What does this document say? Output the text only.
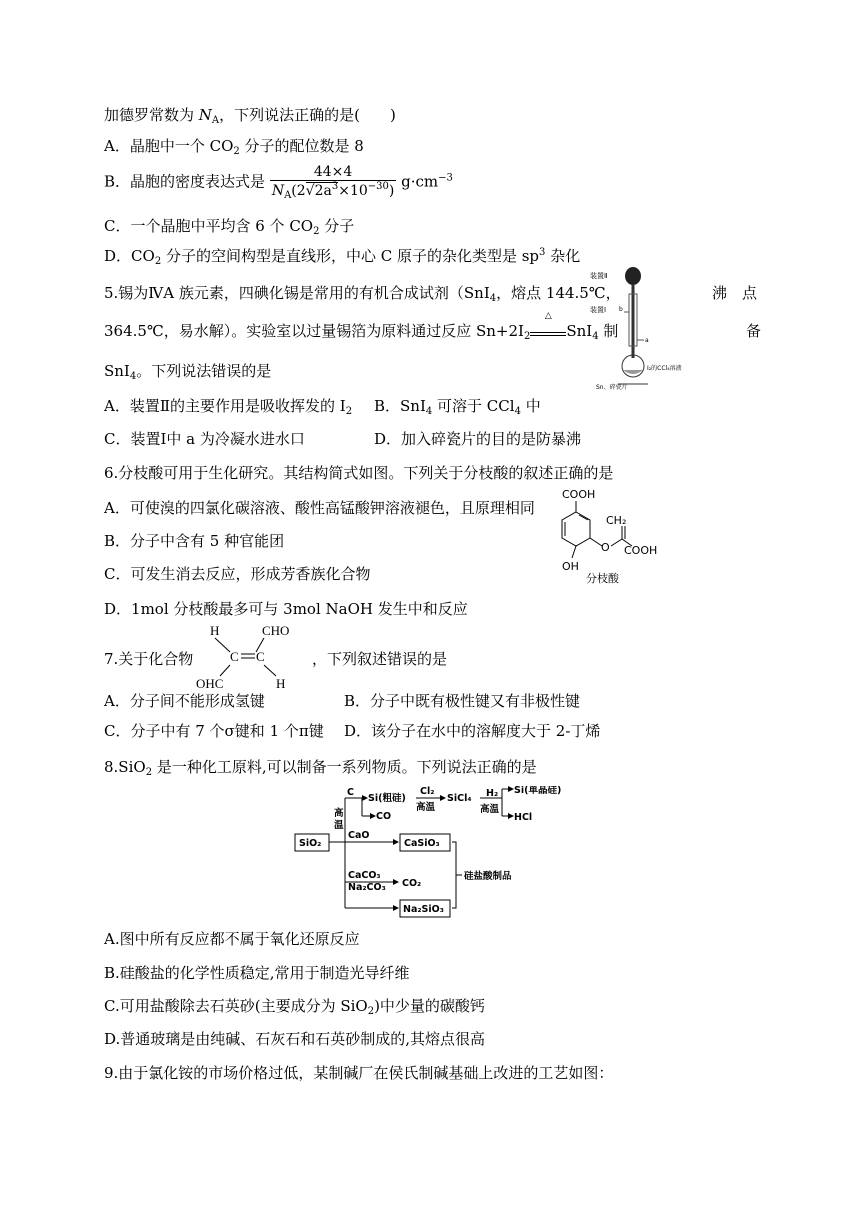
加德罗常数为 $N_A$，下列说法正确的是(　　)
A．晶胞中一个 $CO_2$ 分子的配位数是 8
B．晶胞的密度表达式是 $\frac{44\times 4}{N_A(2√2a^3\times 10^{-30})} g\cdot cm^{-3}$
C．一个晶胞中平均含 6 个 $CO_2$ 分子
D．$CO_2$ 分子的空间构型是直线形，中心 C 原子的杂化类型是 $sp^3$ 杂化
5.锡为ⅣA 族元素，四碘化锡是常用的有机合成试剂（SnI$_4$，熔点 144.5℃，	沸　点
364.5℃，易水解）。实验室以过量锡箔为原料通过反应 $Sn+2I_2$
△
SnI$_4$ 制	备
SnI$_4$。下列说法错误的是
A．装置Ⅱ的主要作用是吸收挥发的 $I_2$ B．SnI$_4$ 可溶于 CCl$_4$ 中
C．装置Ⅰ中 a 为冷凝水进水口	D．加入碎瓷片的目的是防暴沸
装置Ⅱ
装置Ⅰ b
a
I₂的CCl₄溶液
Sn、碎瓷片
6.分枝酸可用于生化研究。其结构简式如图。下列关于分枝酸的叙述正确的是
A．可使溴的四氯化碳溶液、酸性高锰酸钾溶液褪色，且原理相同
B．分子中含有 5 种官能团
C．可发生消去反应，形成芳香族化合物
D．1mol 分枝酸最多可与 3mol NaOH 发生中和反应
COOH
O
CH₂
COOH
OH
分枝酸
7.关于化合物	，下列叙述错误的是
H	CHO
C C
OHC	H
A．分子间不能形成氢键	B．分子中既有极性键又有非极性键
C．分子中有 7 个σ键和 1 个π键 D．该分子在水中的溶解度大于 2-丁烯
8.SiO$_2$ 是一种化工原料,可以制备一系列物质。下列说法正确的是
SiO₂
C
高
温
Si(粗硅)
CO
Cl₂
高温
SiCl₄ H₂
高温
Si(单晶硅)
HCl
CaO
CaSiO₃
CaCO₃
Na₂CO₃ CO₂
Na₂SiO₃
硅盐酸制品
A.图中所有反应都不属于氧化还原反应
B.硅酸盐的化学性质稳定,常用于制造光导纤维
C.可用盐酸除去石英砂(主要成分为 SiO$_2$)中少量的碳酸钙
D.普通玻璃是由纯碱、石灰石和石英砂制成的,其熔点很高
9.由于氯化铵的市场价格过低，某制碱厂在侯氏制碱基础上改进的工艺如图：
